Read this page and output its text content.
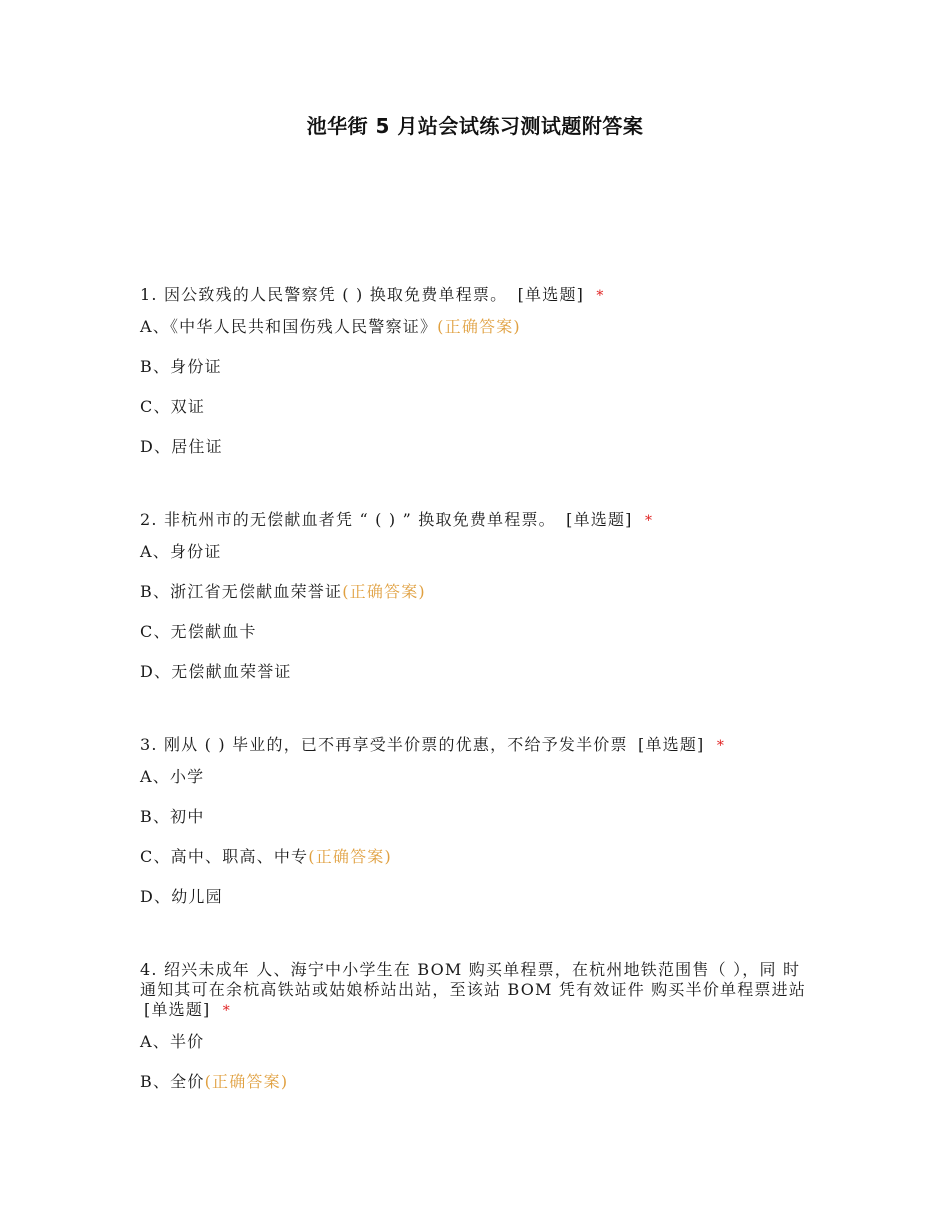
池华街 5 月站会试练习测试题附答案
1. 因公致残的人民警察凭 ( ) 换取免费单程票。 [单选题] *
A、《中华人民共和国伤残人民警察证》(正确答案)
B、身份证
C、双证
D、居住证
2. 非杭州市的无偿献血者凭 “ ( ) ” 换取免费单程票。 [单选题] *
A、身份证
B、浙江省无偿献血荣誉证(正确答案)
C、无偿献血卡
D、无偿献血荣誉证
3. 刚从 ( ) 毕业的，已不再享受半价票的优惠，不给予发半价票 [单选题] *
A、小学
B、初中
C、高中、职高、中专(正确答案)
D、幼儿园
4. 绍兴未成年 人、海宁中小学生在 BOM 购买单程票，在杭州地铁范围售（ ），同 时通知其可在余杭高铁站或姑娘桥站出站，至该站 BOM 凭有效证件 购买半价单程票进站 [单选题] *
A、半价
B、全价(正确答案)
